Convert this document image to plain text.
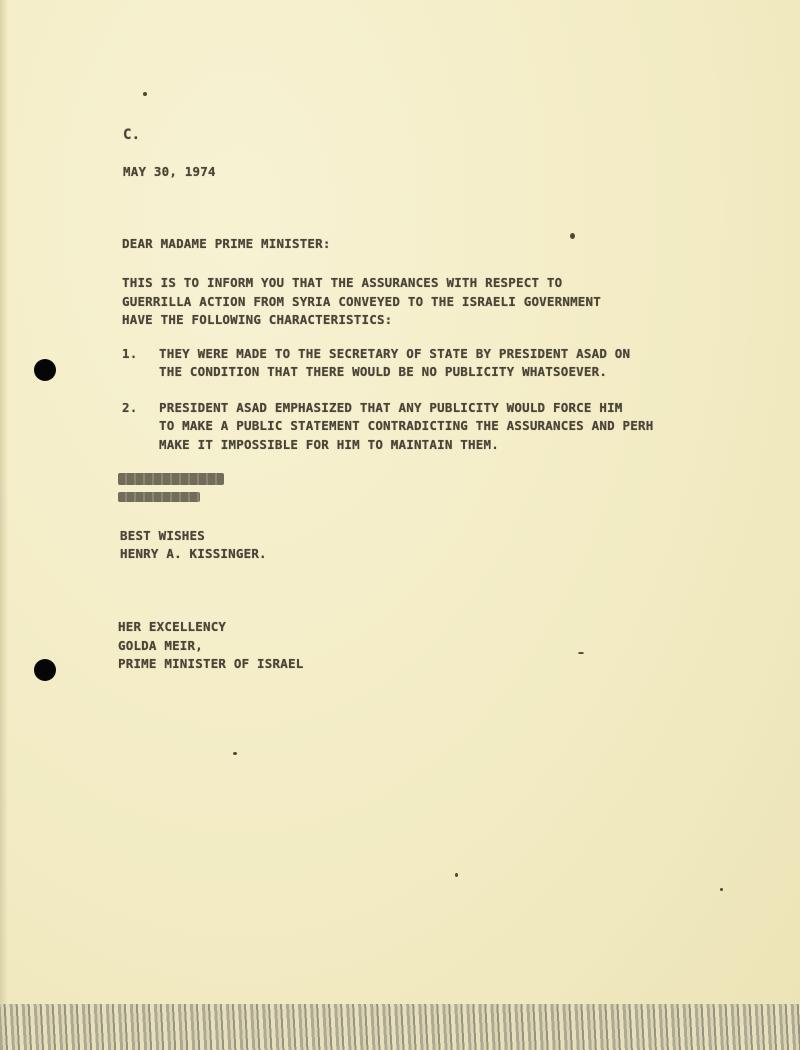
C.
MAY 30, 1974
DEAR MADAME PRIME MINISTER:
THIS IS TO INFORM YOU THAT THE ASSURANCES WITH RESPECT TO
GUERRILLA ACTION FROM SYRIA CONVEYED TO THE ISRAELI GOVERNMENT
HAVE THE FOLLOWING CHARACTERISTICS:
1. THEY WERE MADE TO THE SECRETARY OF STATE BY PRESIDENT ASAD ON
THE CONDITION THAT THERE WOULD BE NO PUBLICITY WHATSOEVER.
2. PRESIDENT ASAD EMPHASIZED THAT ANY PUBLICITY WOULD FORCE HIM
TO MAKE A PUBLIC STATEMENT CONTRADICTING THE ASSURANCES AND PERH
MAKE IT IMPOSSIBLE FOR HIM TO MAINTAIN THEM.
BEST WISHES
HENRY A. KISSINGER.
HER EXCELLENCY
GOLDA MEIR,
PRIME MINISTER OF ISRAEL
